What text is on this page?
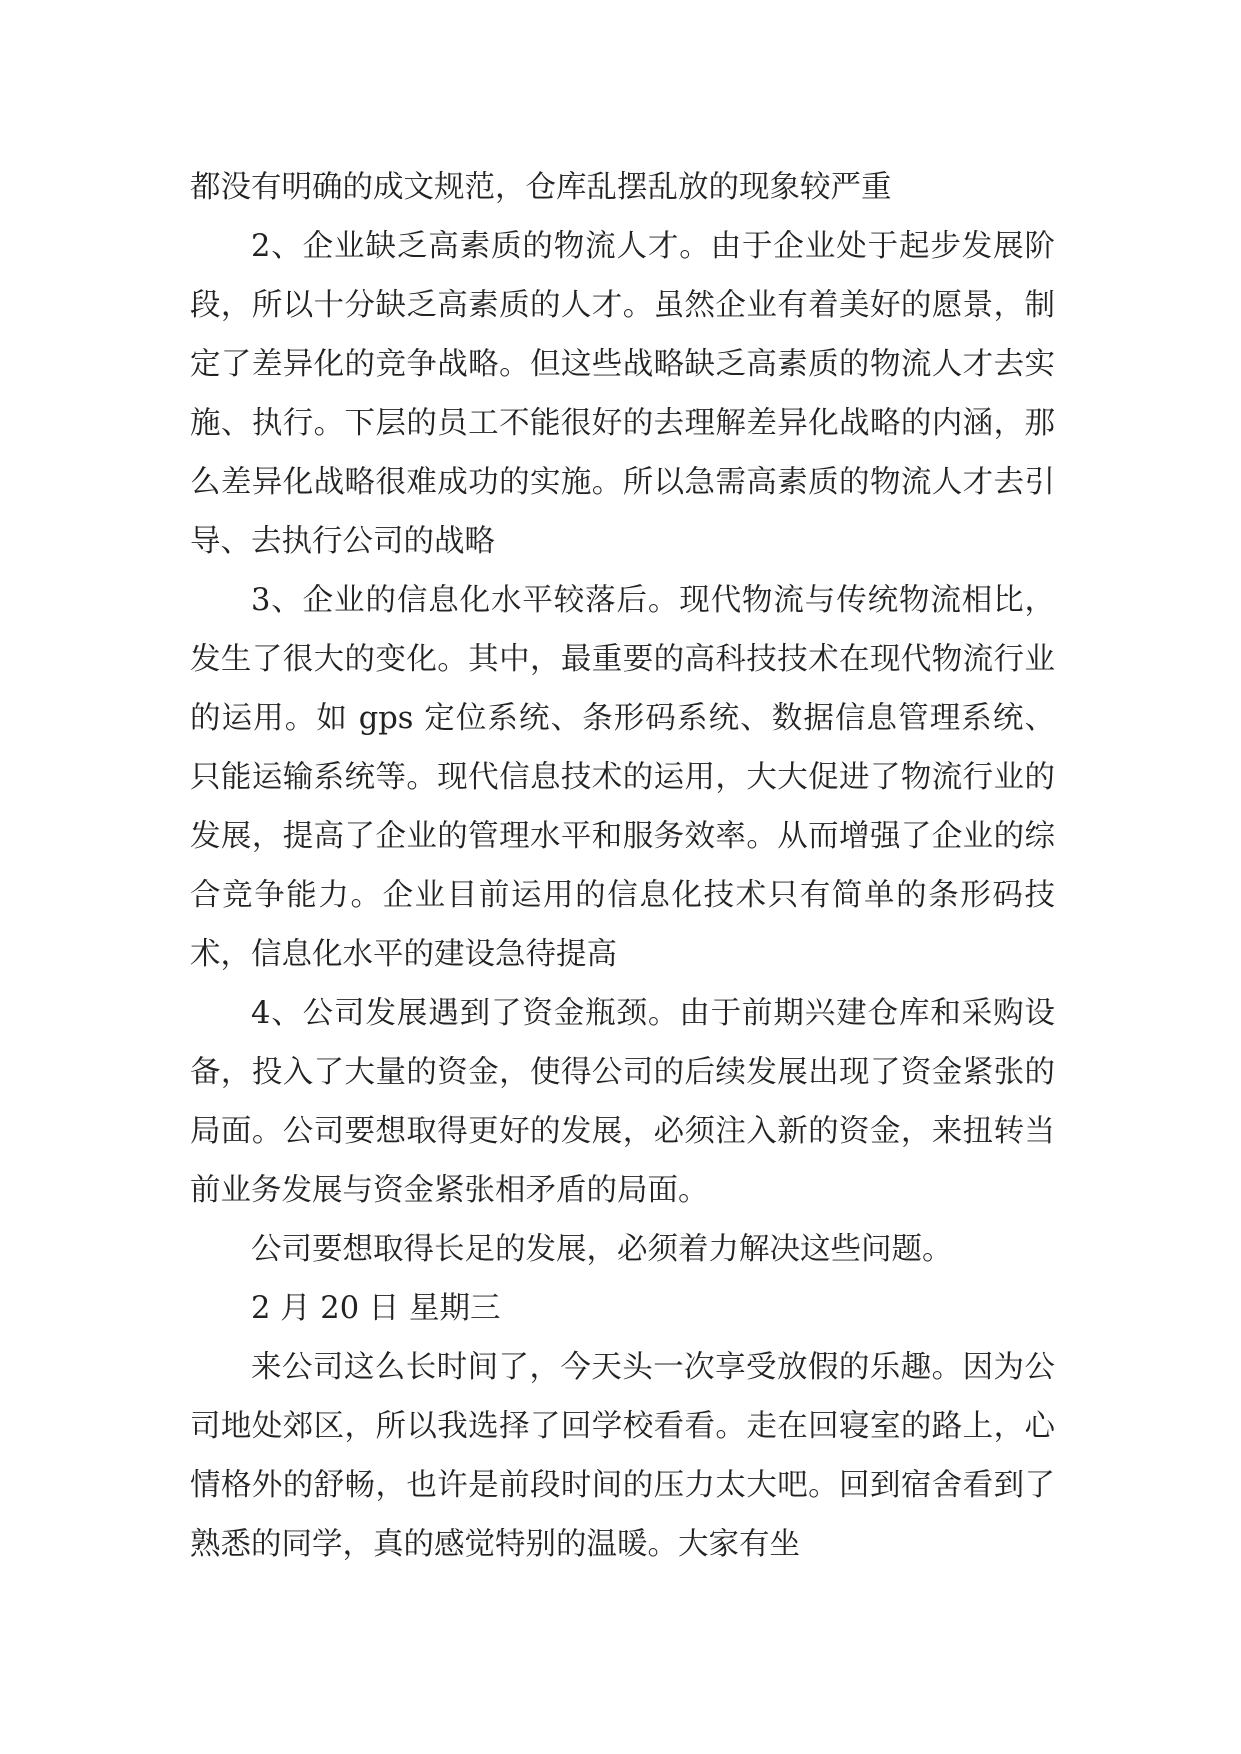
都没有明确的成文规范，仓库乱摆乱放的现象较严重

2、企业缺乏高素质的物流人才。由于企业处于起步发展阶段，所以十分缺乏高素质的人才。虽然企业有着美好的愿景，制定了差异化的竞争战略。但这些战略缺乏高素质的物流人才去实施、执行。下层的员工不能很好的去理解差异化战略的内涵，那么差异化战略很难成功的实施。所以急需高素质的物流人才去引导、去执行公司的战略

3、企业的信息化水平较落后。现代物流与传统物流相比，发生了很大的变化。其中，最重要的高科技技术在现代物流行业的运用。如 gps 定位系统、条形码系统、数据信息管理系统、只能运输系统等。现代信息技术的运用，大大促进了物流行业的发展，提高了企业的管理水平和服务效率。从而增强了企业的综合竞争能力。企业目前运用的信息化技术只有简单的条形码技术，信息化水平的建设急待提高

4、公司发展遇到了资金瓶颈。由于前期兴建仓库和采购设备，投入了大量的资金，使得公司的后续发展出现了资金紧张的局面。公司要想取得更好的发展，必须注入新的资金，来扭转当前业务发展与资金紧张相矛盾的局面。

公司要想取得长足的发展，必须着力解决这些问题。

2 月 20 日 星期三

来公司这么长时间了，今天头一次享受放假的乐趣。因为公司地处郊区，所以我选择了回学校看看。走在回寝室的路上，心情格外的舒畅，也许是前段时间的压力太大吧。回到宿舍看到了熟悉的同学，真的感觉特别的温暖。大家有坐
